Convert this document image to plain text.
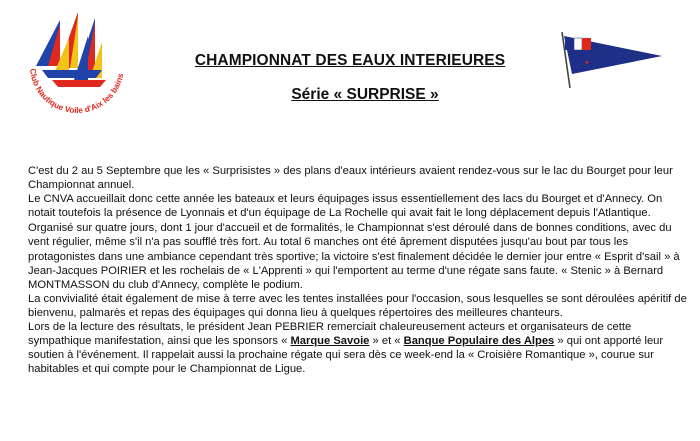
Club Nautique Voile d'Aix les bains
✦
CHAMPIONNAT DES EAUX INTERIEURES
Série « SURPRISE »

C'est du 2 au 5 Septembre que les « Surprisistes » des plans d'eaux intérieurs avaient rendez-vous sur le lac du Bourget pour leur Championnat annuel.

Le CNVA accueillait donc cette année les bateaux et leurs équipages issus essentiellement des lacs du Bourget et d'Annecy. On notait toutefois la présence de Lyonnais et d'un équipage de La Rochelle qui avait fait le long déplacement depuis l'Atlantique.

Organisé sur quatre jours, dont 1 jour d'accueil et de formalités, le Championnat s'est déroulé dans de bonnes conditions, avec du vent régulier, même s'il n'a pas soufflé très fort. Au total 6 manches ont été âprement disputées jusqu'au bout par tous les protagonistes dans une ambiance cependant très sportive; la victoire s'est finalement décidée le dernier jour entre « Esprit d'sail » à Jean-Jacques POIRIER et les rochelais de « L'Apprenti » qui l'emportent au terme d'une régate sans faute. « Stenic » à Bernard MONTMASSON du club d'Annecy, complète le podium.

La convivialité était également de mise à terre avec les tentes installées pour l'occasion, sous lesquelles se sont déroulées apéritif de bienvenu, palmarès et repas des équipages qui donna lieu à quelques répertoires des meilleures chanteurs.

Lors de la lecture des résultats, le président Jean PEBRIER remerciait chaleureusement acteurs et organisateurs de cette sympathique manifestation, ainsi que les sponsors « Marque Savoie » et « Banque Populaire des Alpes » qui ont apporté leur soutien à l'événement. Il rappelait aussi la prochaine régate qui sera dès ce week-end la « Croisière Romantique », courue sur habitables et qui compte pour le Championnat de Ligue.
